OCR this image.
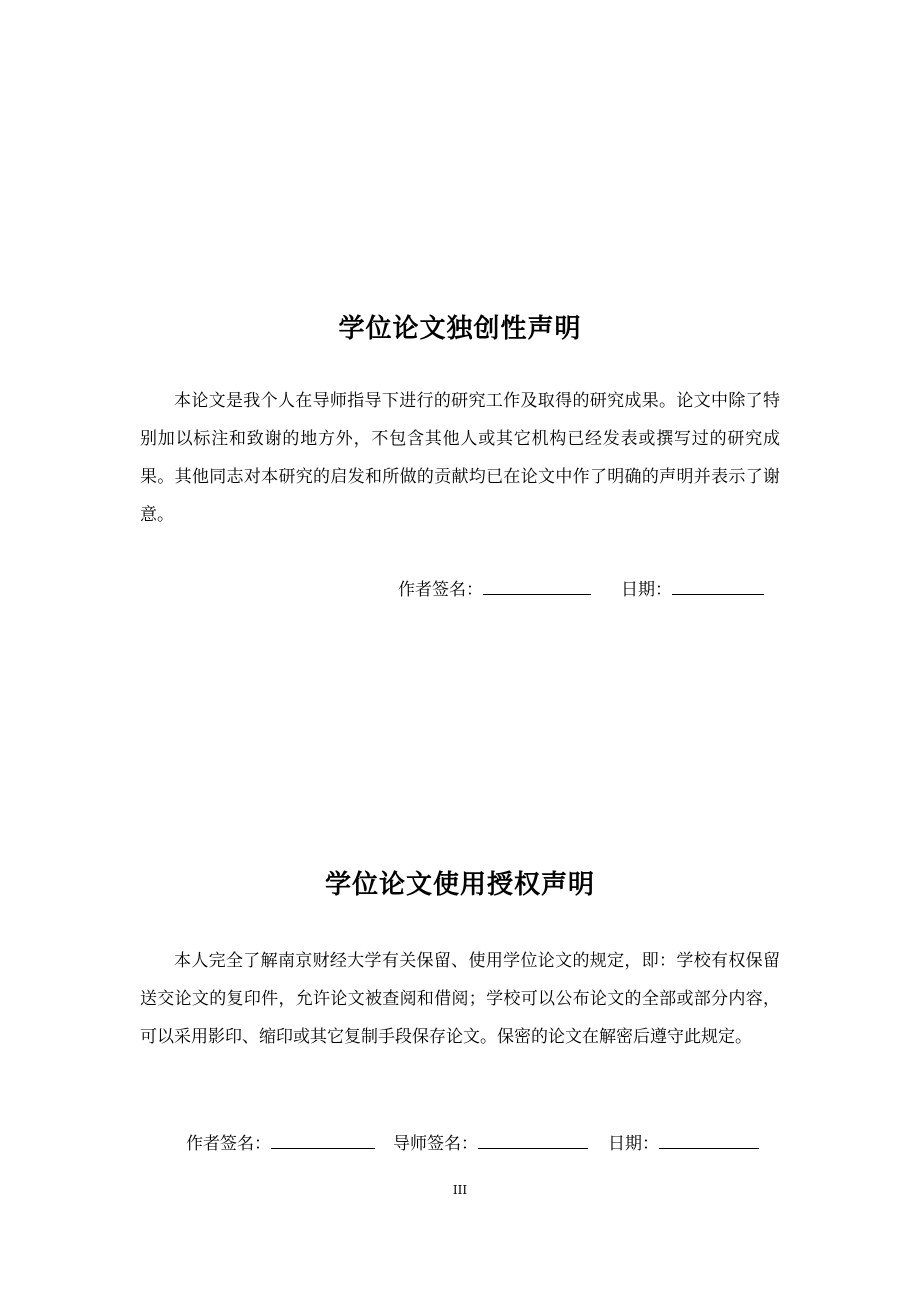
学位论文独创性声明

本论文是我个人在导师指导下进行的研究工作及取得的研究成果。论文中除了特别加以标注和致谢的地方外，不包含其他人或其它机构已经发表或撰写过的研究成果。其他同志对本研究的启发和所做的贡献均已在论文中作了明确的声明并表示了谢意。

作者签名：	日期：
学位论文使用授权声明

本人完全了解南京财经大学有关保留、使用学位论文的规定，即：学校有权保留送交论文的复印件，允许论文被查阅和借阅；学校可以公布论文的全部或部分内容，可以采用影印、缩印或其它复制手段保存论文。保密的论文在解密后遵守此规定。

作者签名：	导师签名：	日期：
III
